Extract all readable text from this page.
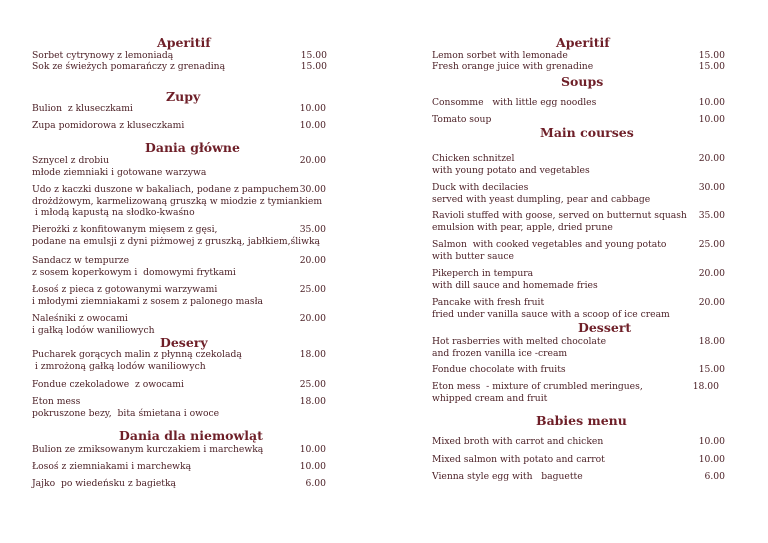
Aperitif
Sorbet cytrynowy z lemoniadą	15.00
Sok ze świeżych pomarańczy z grenadiną	15.00
Zupy
Bulion  z kluseczkami	10.00
Zupa pomidorowa z kluseczkami	10.00
Dania główne
Sznycel z drobiu
młode ziemniaki i gotowane warzywa
20.00
Udo z kaczki duszone w bakaliach, podane z pampuchem
drożdżowym, karmelizowaną gruszką w miodzie z tymiankiem
i młodą kapustą na słodko-kwaśno
30.00
Pierożki z konfitowanym mięsem z gęsi,
podane na emulsji z dyni piżmowej z gruszką, jabłkiem,śliwką
35.00
Sandacz w tempurze
z sosem koperkowym i  domowymi frytkami
20.00
Łosoś z pieca z gotowanymi warzywami
i młodymi ziemniakami z sosem z palonego masła
25.00
Naleśniki z owocami
i gałką lodów waniliowych
20.00
Desery
Pucharek gorących malin z płynną czekoladą
i zmrożoną gałką lodów waniliowych
18.00
Fondue czekoladowe  z owocami	25.00
Eton mess
pokruszone bezy,  bita śmietana i owoce
18.00
Dania dla niemowląt
Bulion ze zmiksowanym kurczakiem i marchewką	10.00
Łosoś z ziemniakami i marchewką	10.00
Jajko  po wiedeńsku z bagietką	6.00
Aperitif
Lemon sorbet with lemonade	15.00
Fresh orange juice with grenadine	15.00
Soups
Consomme   with little egg noodles	10.00
Tomato soup	10.00
Main courses
Chicken schnitzel
with young potato and vegetables
20.00
Duck with decilacies
served with yeast dumpling, pear and cabbage
30.00
Ravioli stuffed with goose, served on butternut squash
emulsion with pear, apple, dried prune
35.00
Salmon  with cooked vegetables and young potato
with butter sauce
25.00
Pikeperch in tempura
with dill sauce and homemade fries
20.00
Pancake with fresh fruit
fried under vanilla sauce with a scoop of ice cream
20.00
Dessert
Hot rasberries with melted chocolate
and frozen vanilla ice -cream
18.00
Fondue chocolate with fruits	15.00
Eton mess  - mixture of crumbled meringues,
whipped cream and fruit
18.00
Babies menu
Mixed broth with carrot and chicken	10.00
Mixed salmon with potato and carrot	10.00
Vienna style egg with   baguette	6.00
